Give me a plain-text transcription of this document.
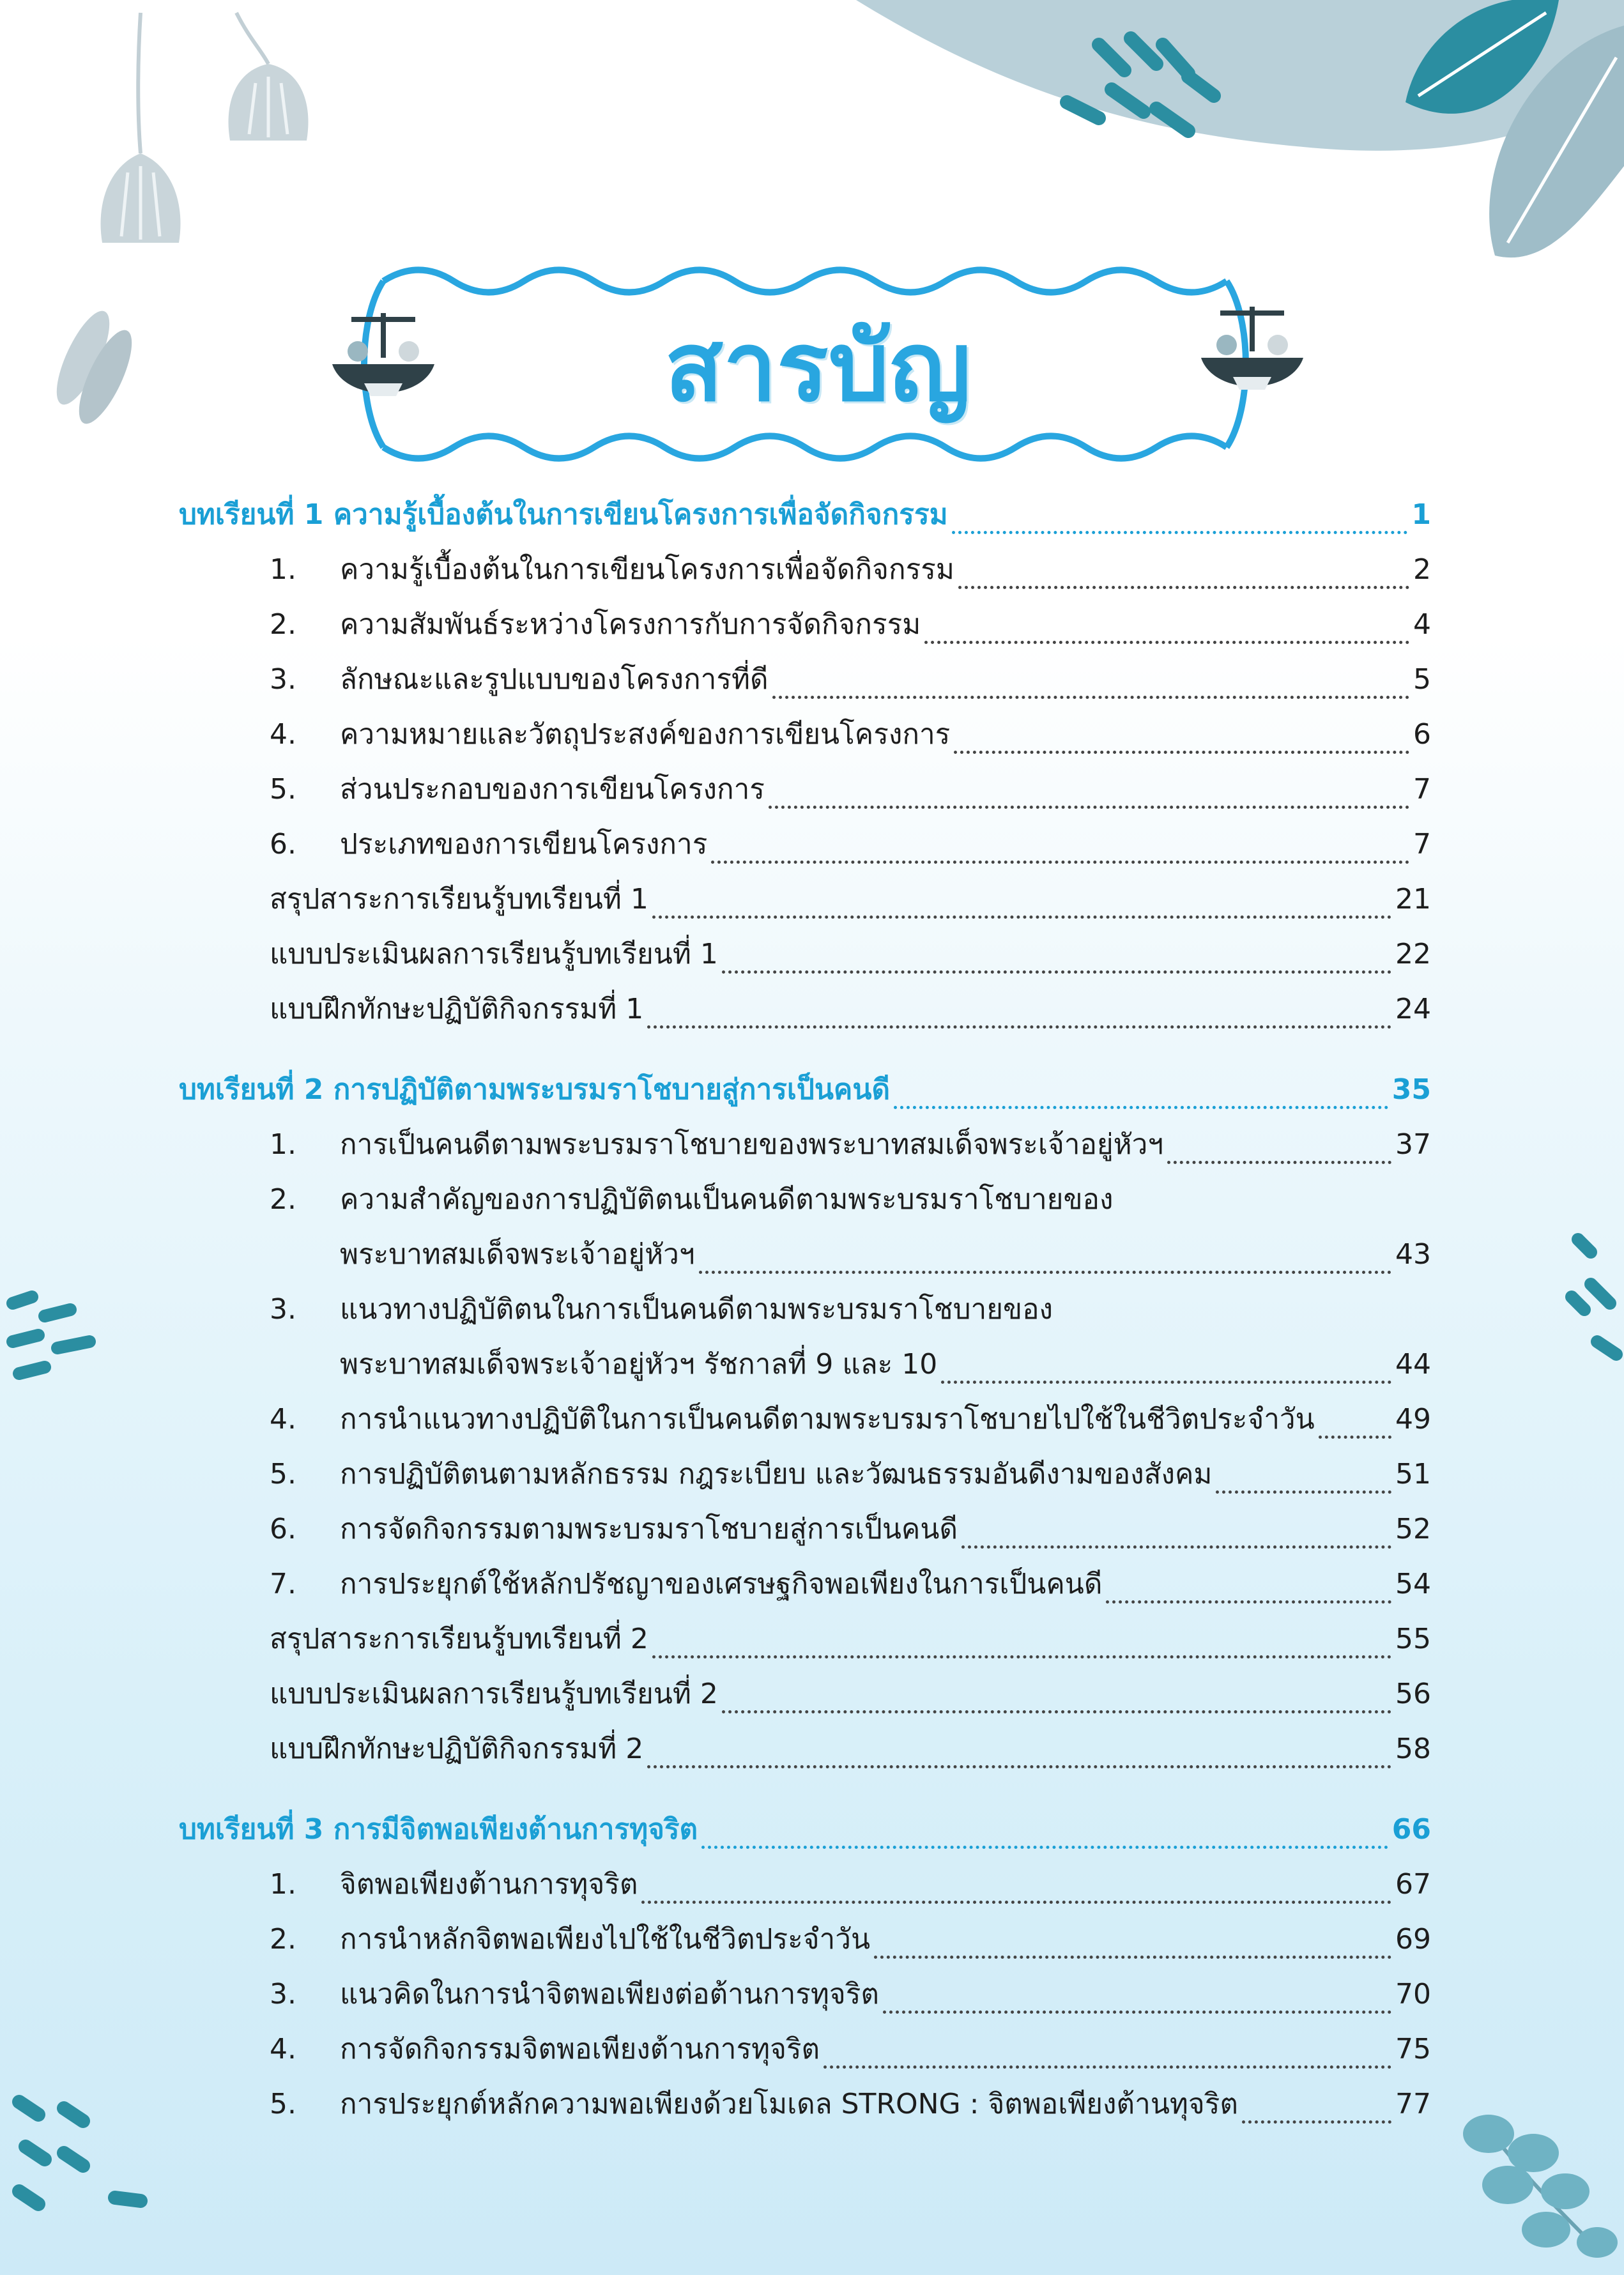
สารบัญ
บทเรียนที่ 1 ความรู้เบื้องต้นในการเขียนโครงการเพื่อจัดกิจกรรม	1
1.	ความรู้เบื้องต้นในการเขียนโครงการเพื่อจัดกิจกรรม	2
2.	ความสัมพันธ์ระหว่างโครงการกับการจัดกิจกรรม	4
3.	ลักษณะและรูปแบบของโครงการที่ดี	5
4.	ความหมายและวัตถุประสงค์ของการเขียนโครงการ	6
5.	ส่วนประกอบของการเขียนโครงการ	7
6.	ประเภทของการเขียนโครงการ	7
สรุปสาระการเรียนรู้บทเรียนที่ 1	21
แบบประเมินผลการเรียนรู้บทเรียนที่ 1	22
แบบฝึกทักษะปฏิบัติกิจกรรมที่ 1	24
บทเรียนที่ 2 การปฏิบัติตามพระบรมราโชบายสู่การเป็นคนดี	35
1.	การเป็นคนดีตามพระบรมราโชบายของพระบาทสมเด็จพระเจ้าอยู่หัวฯ	37
2.	ความสำคัญของการปฏิบัติตนเป็นคนดีตามพระบรมราโชบายของ
พระบาทสมเด็จพระเจ้าอยู่หัวฯ	43
3.	แนวทางปฏิบัติตนในการเป็นคนดีตามพระบรมราโชบายของ
พระบาทสมเด็จพระเจ้าอยู่หัวฯ รัชกาลที่ 9 และ 10	44
4.	การนำแนวทางปฏิบัติในการเป็นคนดีตามพระบรมราโชบายไปใช้ในชีวิตประจำวัน	49
5.	การปฏิบัติตนตามหลักธรรม กฎระเบียบ และวัฒนธรรมอันดีงามของสังคม	51
6.	การจัดกิจกรรมตามพระบรมราโชบายสู่การเป็นคนดี	52
7.	การประยุกต์ใช้หลักปรัชญาของเศรษฐกิจพอเพียงในการเป็นคนดี	54
สรุปสาระการเรียนรู้บทเรียนที่ 2	55
แบบประเมินผลการเรียนรู้บทเรียนที่ 2	56
แบบฝึกทักษะปฏิบัติกิจกรรมที่ 2	58
บทเรียนที่ 3 การมีจิตพอเพียงต้านการทุจริต	66
1.	จิตพอเพียงต้านการทุจริต	67
2.	การนำหลักจิตพอเพียงไปใช้ในชีวิตประจำวัน	69
3.	แนวคิดในการนำจิตพอเพียงต่อต้านการทุจริต	70
4.	การจัดกิจกรรมจิตพอเพียงต้านการทุจริต	75
5.	การประยุกต์หลักความพอเพียงด้วยโมเดล STRONG : จิตพอเพียงต้านทุจริต	77
